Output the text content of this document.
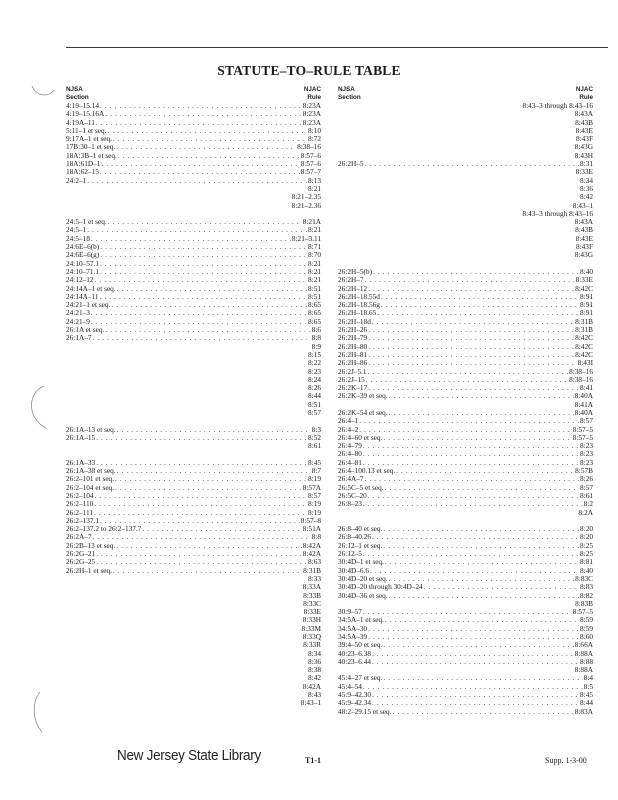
STATUTE–TO–RULE TABLE
NJSA
Section
NJAC
Rule
4:19–15.14 . . .	8:23A
4:19–15.16A . . .	8:23A
4:19A–11 . . .	8:23A
5:11–1 et seq. . . .	8:10
9:17A–1 et seq. . . .	8:72
17B:30–1 et seq. . . .	8:38–16
18A:3B–1 et seq. . . .	8:57–6
18A:61D–1 . . .	8:57–6
18A:62–15 . . .	8:57–7
24:2–1 . . .	8:13
8:21
8:21–2.35
8:21–2.36
24:5–1 et seq. . . .	8:21A
24:5–1 . . .	8:21
24:5–18 . . .	8:21–3.11
24:6E–6(b) . . .	8:71
24:6E–6(g) . . .	8:70
24:10–57.1 . . .	8:21
24:10–71.1 . . .	8:21
24:12–12 . . .	8:21
24:14A–1 et seq. . . .	8:51
24:14A–11 . . .	8:51
24:21–1 et seq. . . .	8:65
24:21–3 . . .	8:65
24:21–9 . . .	8:65
26:1A et seq. . . .	8:6
26:1A–7 . . .	8:8
8:9
8:15
8:22
8:23
8:24
8:26
8:44
8:51
8:57
26:1A–13 et seq. . . .	8:3
26:1A–15 . . .	8:52
8:61
26:1A–33 . . .	8:45
26:1A–38 et seq. . . .	8:7
26:2–101 et seq. . . .	8:19
26:2–104 et seq. . . .	8:57A
26:2–104 . . .	8:57
26:2–110 . . .	8:19
26:2–111 . . .	8:19
26:2–137.1 . . .	8:57–8
26:2–137.2 to 26:2–137.7 . . .	8:51A
26:2A–7 . . .	8:8
26:2B–13 et seq. . . .	8:42A
26:2G–21 . . .	8:42A
26:2G–25 . . .	8:63
26:2H–1 et seq. . . .	8:31B
8:33
8:33A
8:33B
8:33C
8:33E
8:33H
8:33M
8:33Q
8:33R
8:34
8:36
8:38
8:42
8:42A
8:43
8:43–1
NJSA
Section
NJAC
Rule
8:43–3 through 8:43–16
8:43A
8:43B
8:43E
8:43F
8:43G
8:43H
26:2H–5 . . .	8:31
8:33E
8:34
8:36
8:42
8:43–1
8:43–3 through 8:43–16
8:43A
8:43B
8:43E
8:43F
8:43G
26:2H–5(b) . . .	8:40
26:2H–7 . . .	8:33E
26:2H–12 . . .	8:42C
26:2H–18.55d . . .	8:91
26:2H–18.56g . . .	8:91
26:2H–18.65 . . .	8:91
26:2H–18d . . .	8:31B
26:2H–26 . . .	8:31B
26:2H–79 . . .	8:42C
26:2H–80 . . .	8:42C
26:2H–81 . . .	8:42C
26:2H–86 . . .	8:43I
26:2J–5.1 . . .	8:38–16
26:2J–15 . . .	8:38–16
26:2K–17 . . .	8:41
26:2K–39 et seq. . . .	8:40A
8:41A
26:2K–54 et seq. . . .	8:40A
26:4–1 . . .	8:57
26:4–2 . . .	8:57–5
26:4–60 et seq. . . .	8:57–5
26:4–79 . . .	8:23
26:4–80 . . .	8:23
26:4–81 . . .	8:23
26:4–100.13 et seq. . . .	8:57B
26:4A–7 . . .	8:26
26:5C–5 et seq. . . .	8:57
26:5C–20 . . .	8:61
26:8–23 . . .	8:2
8:2A
26:8–40 et seq. . . .	8:20
26:8–40.26 . . .	8:20
26:12–1 et seq. . . .	8:25
26:12–5 . . .	8:25
30:4D–1 et seq. . . .	8:81
30:4D–6.6 . . .	8:40
30:4D–20 et seq. . . .	8:83C
30:4D–20 through 30:4D–24 . . .	8:83
30:4D–36 et seq. . . .	8:82
8:83B
30:9–57 . . .	8:57–5
34:5A–1 et seq. . . .	8:59
34:5A–30 . . .	8:59
34:5A–39 . . .	8:60
39:4–50 et seq. . . .	8:66A
40:23–6.38 . . .	8:88A
40:23–6.44 . . .	8:88
8:88A
45:4–27 et seq. . . .	8:4
45:4–54 . . .	8:5
45:9–42.30 . . .	8:45
45:9–42.34 . . .	8:44
48:2–29.15 et seq. . . .	8:83A
New Jersey State Library	T1-1	Supp. 1-3-00
